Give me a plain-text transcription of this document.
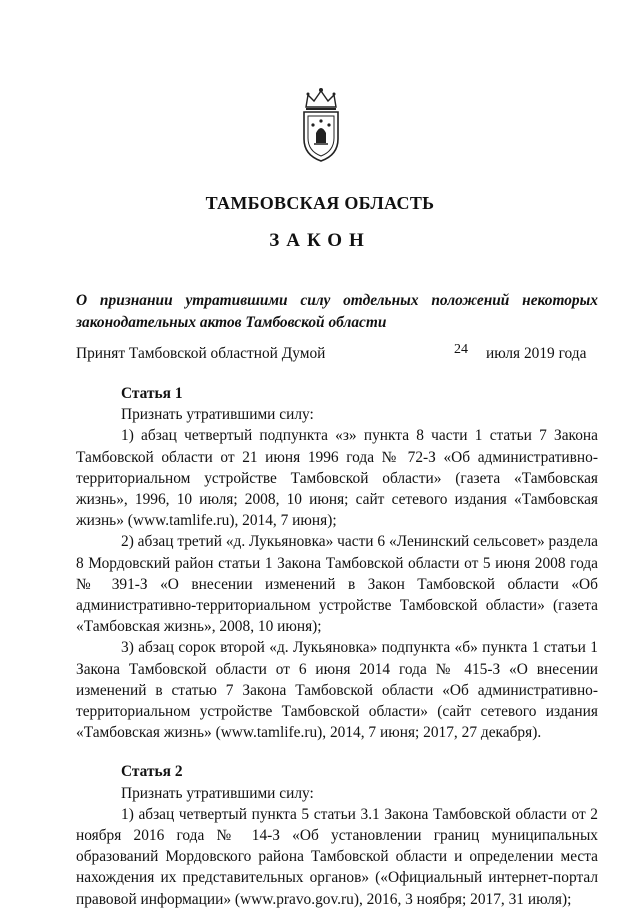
ТАМБОВСКАЯ ОБЛАСТЬ
ЗАКОН

О признании утратившими силу отдельных положений некоторых законодательных актов Тамбовской области

Принят Тамбовской областной Думой	24 июля 2019 года

Статья 1

Признать утратившими силу:

1) абзац четвертый подпункта «з» пункта 8 части 1 статьи 7 Закона Тамбовской области от 21 июня 1996 года № 72-З «Об административно-территориальном устройстве Тамбовской области» (газета «Тамбовская жизнь», 1996, 10 июля; 2008, 10 июня; сайт сетевого издания «Тамбовская жизнь» (www.tamlife.ru), 2014, 7 июня);

2) абзац третий «д. Лукьяновка» части 6 «Ленинский сельсовет» раздела 8 Мордовский район статьи 1 Закона Тамбовской области от 5 июня 2008 года № 391-З «О внесении изменений в Закон Тамбовской области «Об административно-территориальном устройстве Тамбовской области» (газета «Тамбовская жизнь», 2008, 10 июня);

3) абзац сорок второй «д. Лукьяновка» подпункта «б» пункта 1 статьи 1 Закона Тамбовской области от 6 июня 2014 года № 415-З «О внесении изменений в статью 7 Закона Тамбовской области «Об административно-территориальном устройстве Тамбовской области» (сайт сетевого издания «Тамбовская жизнь» (www.tamlife.ru), 2014, 7 июня; 2017, 27 декабря).

Статья 2

Признать утратившими силу:

1) абзац четвертый пункта 5 статьи 3.1 Закона Тамбовской области от 2 ноября 2016 года № 14-З «Об установлении границ муниципальных образований Мордовского района Тамбовской области и определении места нахождения их представительных органов» («Официальный интернет-портал правовой информации» (www.pravo.gov.ru), 2016, 3 ноября; 2017, 31 июля);
